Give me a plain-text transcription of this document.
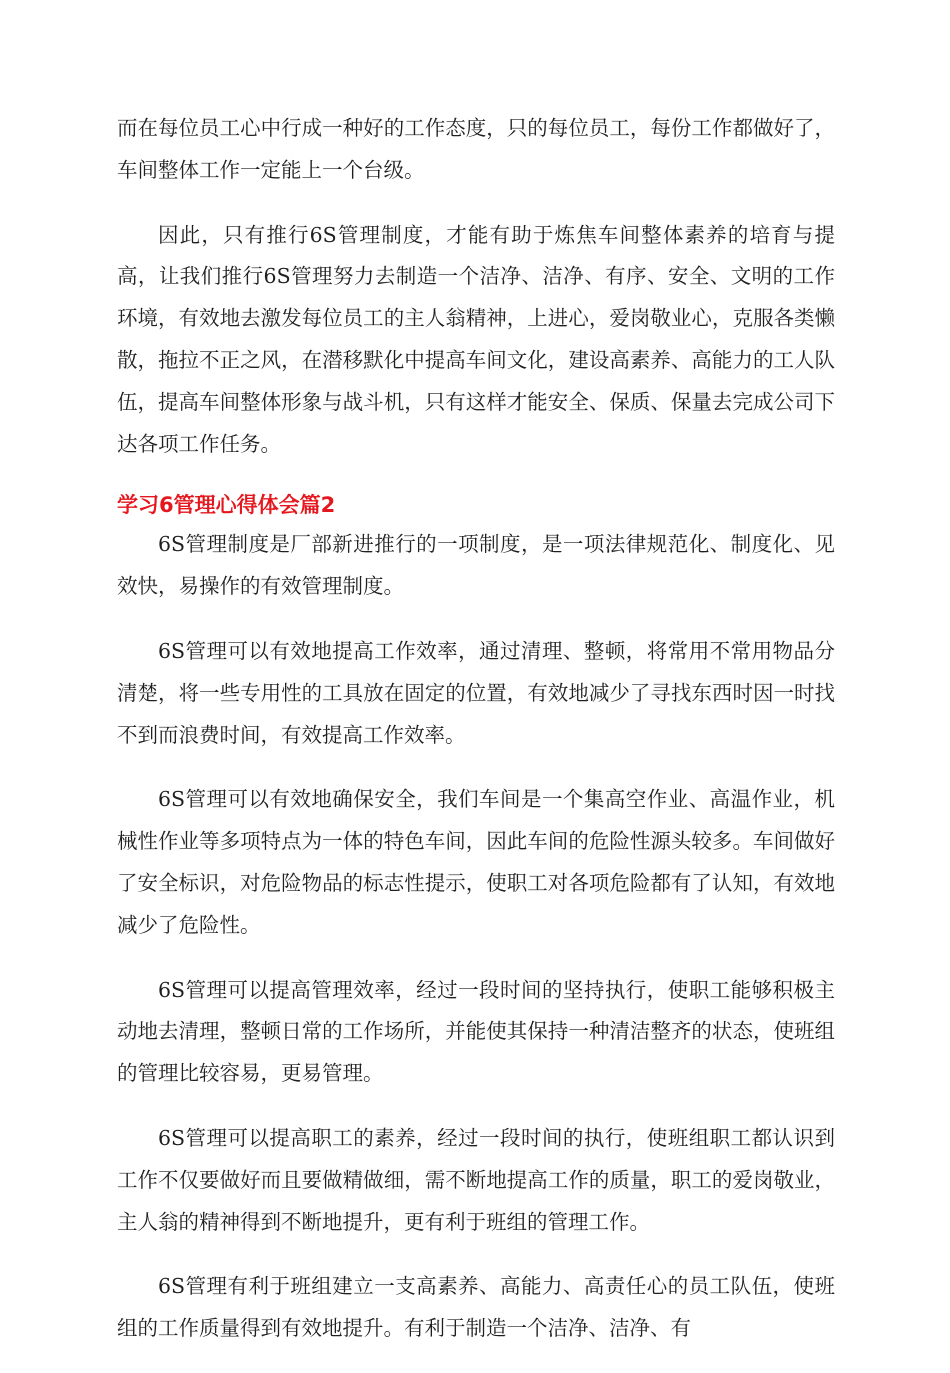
而在每位员工心中行成一种好的工作态度，只的每位员工，每份工作都做好了，车间整体工作一定能上一个台级。

因此，只有推行6S管理制度，才能有助于炼焦车间整体素养的培育与提高，让我们推行6S管理努力去制造一个洁净、洁净、有序、安全、文明的工作环境，有效地去激发每位员工的主人翁精神，上进心，爱岗敬业心，克服各类懒散，拖拉不正之风，在潜移默化中提高车间文化，建设高素养、高能力的工人队伍，提高车间整体形象与战斗机，只有这样才能安全、保质、保量去完成公司下达各项工作任务。

学习6管理心得体会篇2

6S管理制度是厂部新进推行的一项制度，是一项法律规范化、制度化、见效快，易操作的有效管理制度。

6S管理可以有效地提高工作效率，通过清理、整顿，将常用不常用物品分清楚，将一些专用性的工具放在固定的位置，有效地减少了寻找东西时因一时找不到而浪费时间，有效提高工作效率。

6S管理可以有效地确保安全，我们车间是一个集高空作业、高温作业，机械性作业等多项特点为一体的特色车间，因此车间的危险性源头较多。车间做好了安全标识，对危险物品的标志性提示，使职工对各项危险都有了认知，有效地减少了危险性。

6S管理可以提高管理效率，经过一段时间的坚持执行，使职工能够积极主动地去清理，整顿日常的工作场所，并能使其保持一种清洁整齐的状态，使班组的管理比较容易，更易管理。

6S管理可以提高职工的素养，经过一段时间的执行，使班组职工都认识到工作不仅要做好而且要做精做细，需不断地提高工作的质量，职工的爱岗敬业，主人翁的精神得到不断地提升，更有利于班组的管理工作。

6S管理有利于班组建立一支高素养、高能力、高责任心的员工队伍，使班组的工作质量得到有效地提升。有利于制造一个洁净、洁净、有
